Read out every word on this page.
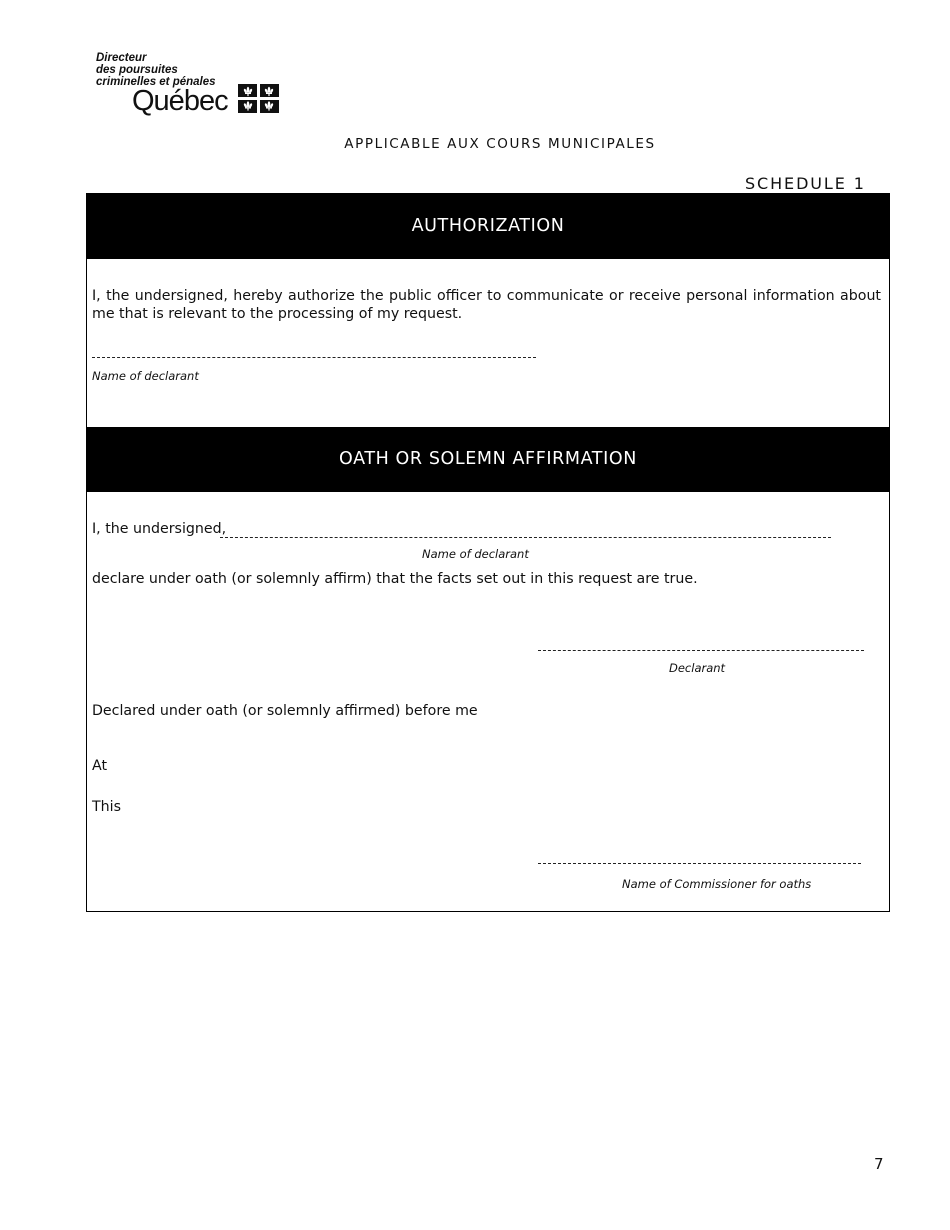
Directeur
des poursuites
criminelles et pénales
Québec
APPLICABLE AUX COURS MUNICIPALES
SCHEDULE 1
AUTHORIZATION
I, the undersigned, hereby authorize the public officer to communicate or receive personal information about me that is relevant to the processing of my request.
Name of declarant
OATH OR SOLEMN AFFIRMATION
I, the undersigned,
Name of declarant
declare under oath (or solemnly affirm) that the facts set out in this request are true.
Declarant
Declared under oath (or solemnly affirmed) before me
At
This
Name of Commissioner for oaths
7
